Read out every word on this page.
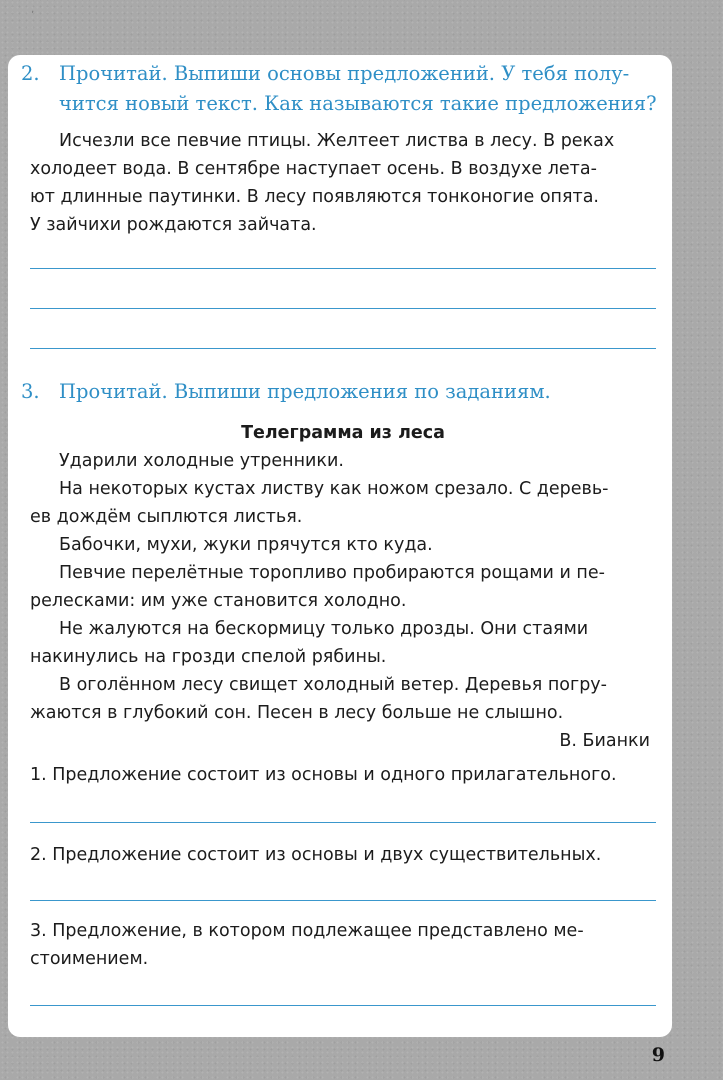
ʼ
2. Прочитай. Выпиши основы предложений. У тебя полу-
чится новый текст. Как называются такие предложения?
Исчезли все певчие птицы. Желтеет листва в лесу. В реках
холодеет вода. В сентябре наступает осень. В воздухе лета-
ют длинные паутинки. В лесу появляются тонконогие опята.
У зайчихи рождаются зайчата.
3. Прочитай. Выпиши предложения по заданиям.
Телеграмма из леса
Ударили холодные утренники.
На некоторых кустах листву как ножом срезало. С деревь-
ев дождём сыплются листья.
Бабочки, мухи, жуки прячутся кто куда.
Певчие перелётные торопливо пробираются рощами и пе-
релесками: им уже становится холодно.
Не жалуются на бескормицу только дрозды. Они стаями
накинулись на грозди спелой рябины.
В оголённом лесу свищет холодный ветер. Деревья погру-
жаются в глубокий сон. Песен в лесу больше не слышно.
В. Бианки
1. Предложение состоит из основы и одного прилагательного.
2. Предложение состоит из основы и двух существительных.
3. Предложение, в котором подлежащее представлено ме-
стоимением.
9
